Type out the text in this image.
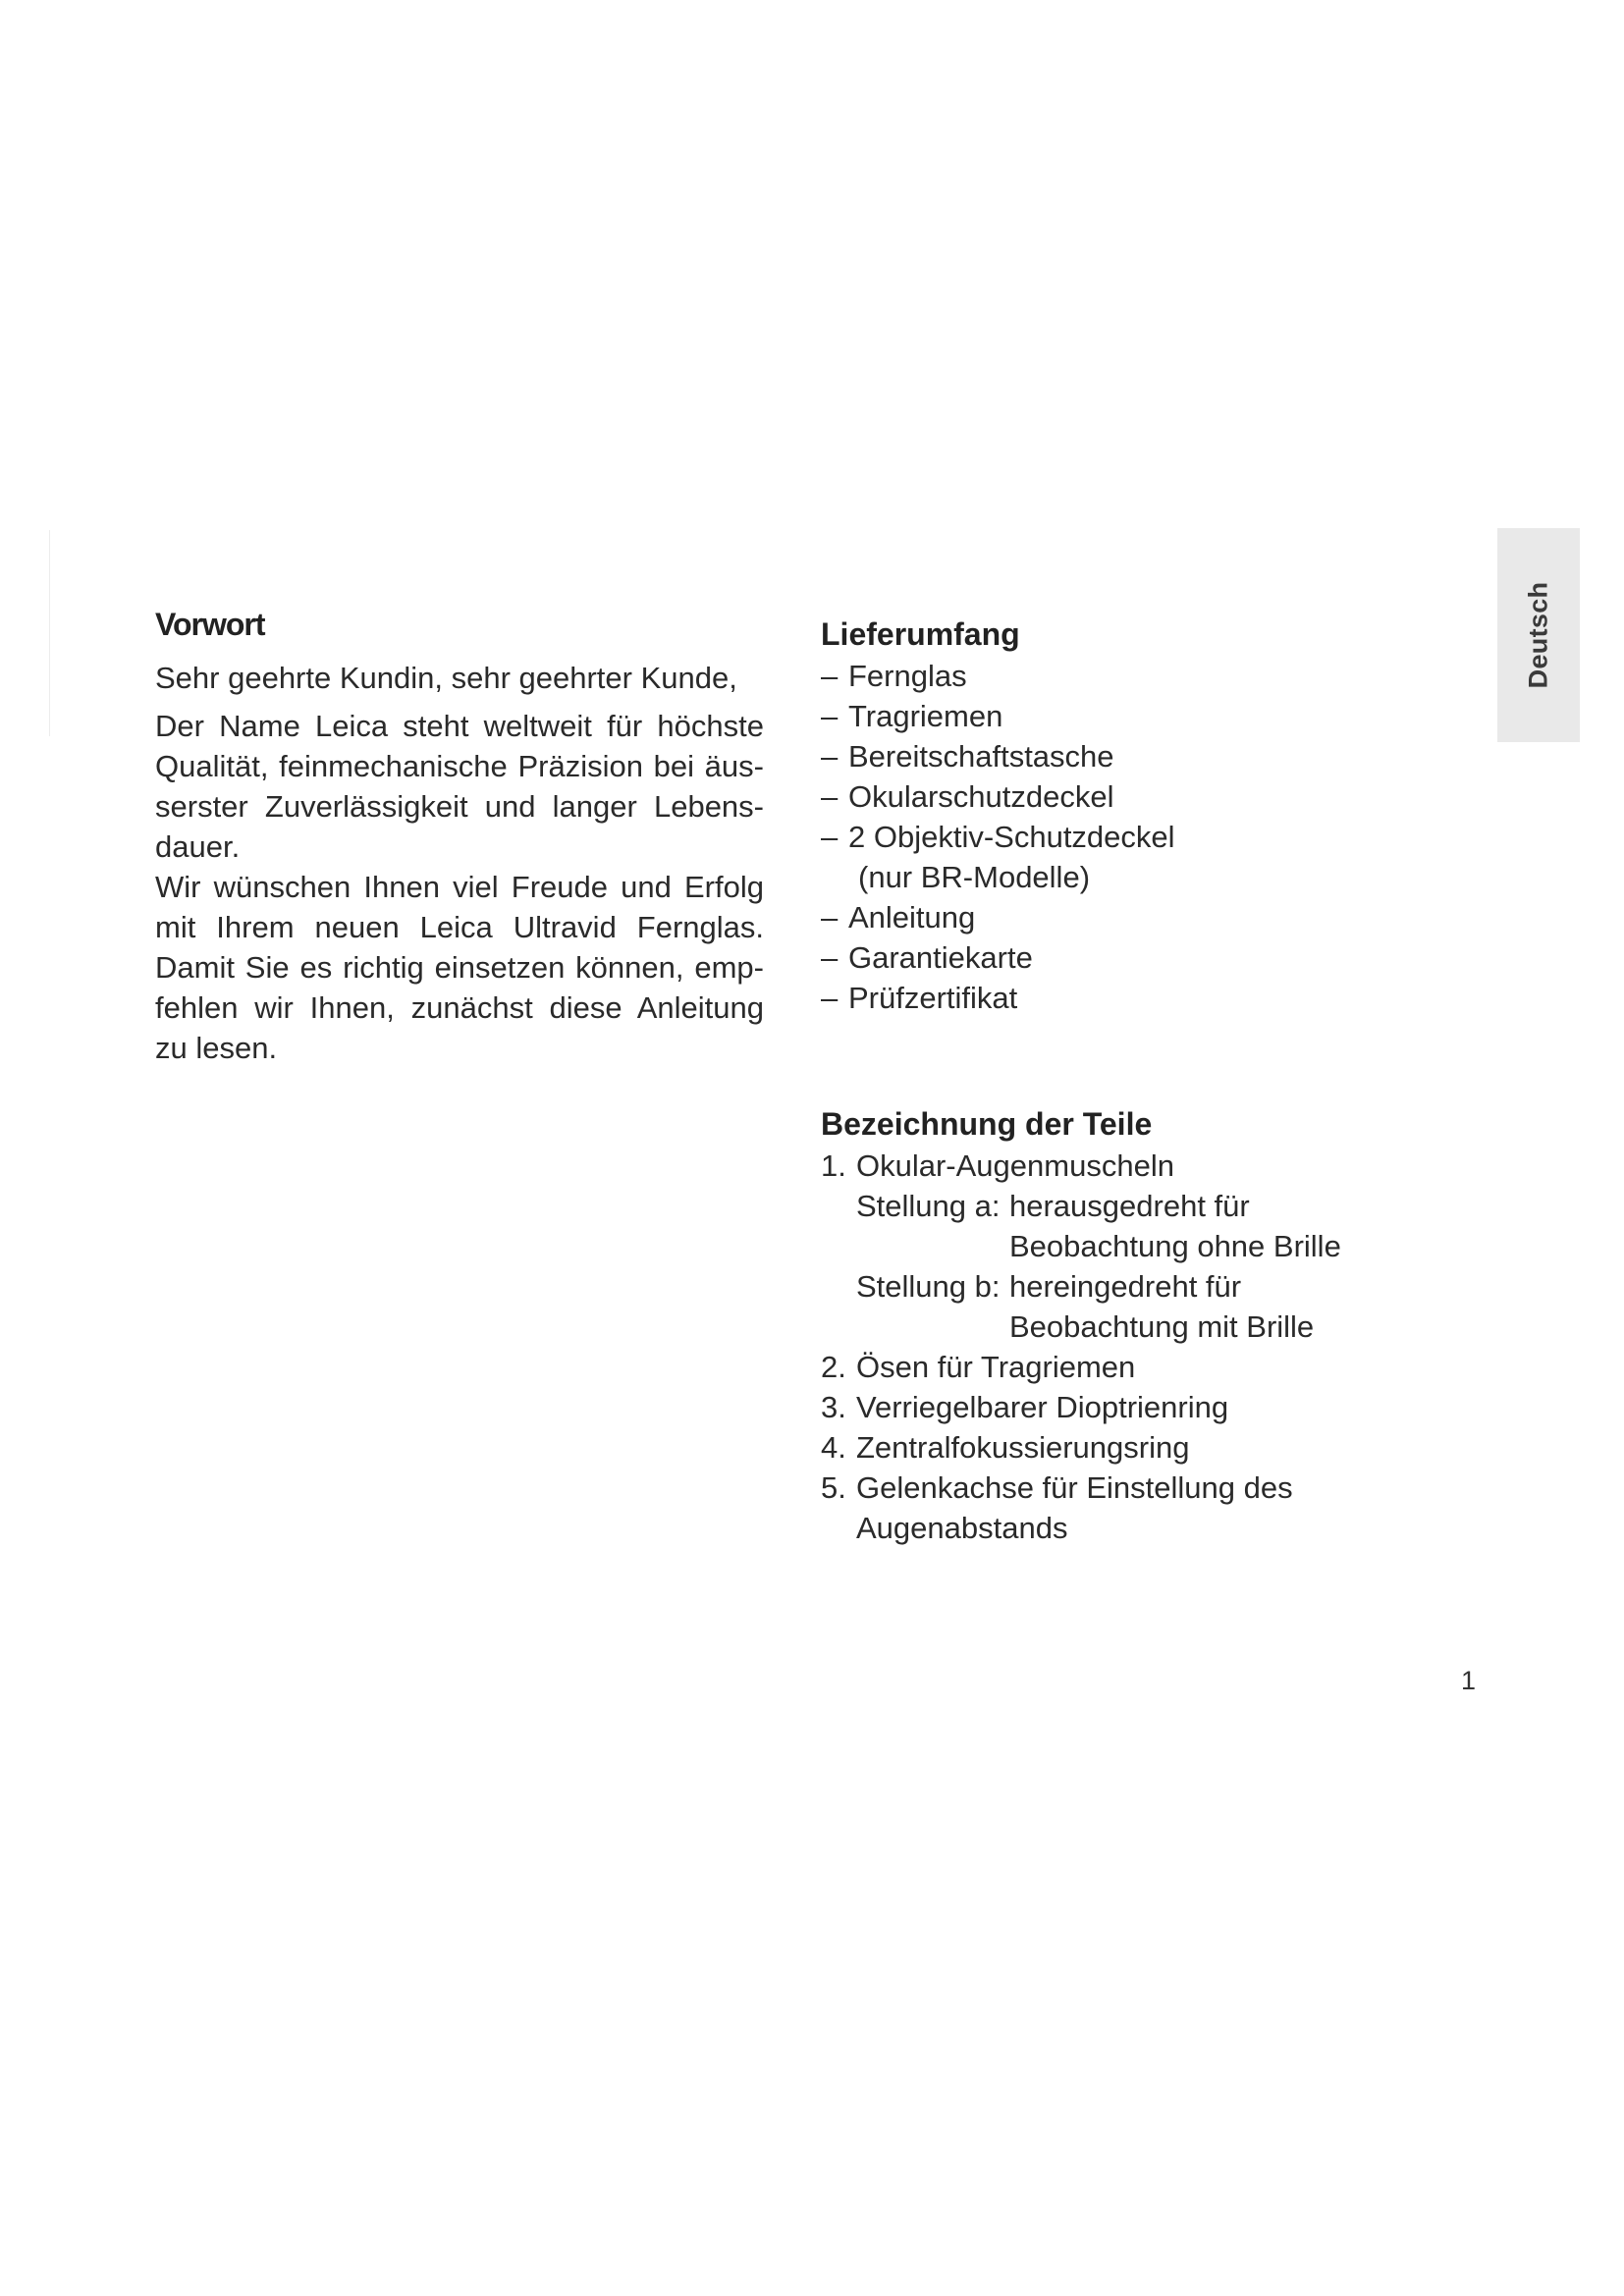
Deutsch
Vorwort

Sehr geehrte Kundin, sehr geehrter Kunde,

Der Name Leica steht weltweit für höchste Qualität, feinmechanische Präzision bei äusserster Zuverlässigkeit und langer Lebensdauer.

Wir wünschen Ihnen viel Freude und Erfolg mit Ihrem neuen Leica Ultravid Fernglas. Damit Sie es richtig einsetzen können, empfehlen wir Ihnen, zunächst diese Anleitung zu lesen.

Lieferumfang
– Fernglas
– Tragriemen
– Bereitschaftstasche
– Okularschutzdeckel
– 2 Objektiv-Schutzdeckel
(nur BR-Modelle)
– Anleitung
– Garantiekarte
– Prüfzertifikat
Bezeichnung der Teile
1. Okular-Augenmuscheln
Stellung a: herausgedreht für
Beobachtung ohne Brille
Stellung b: hereingedreht für
Beobachtung mit Brille
2. Ösen für Tragriemen
3. Verriegelbarer Dioptrienring
4. Zentralfokussierungsring
5. Gelenkachse für Einstellung des
Augenabstands
1
